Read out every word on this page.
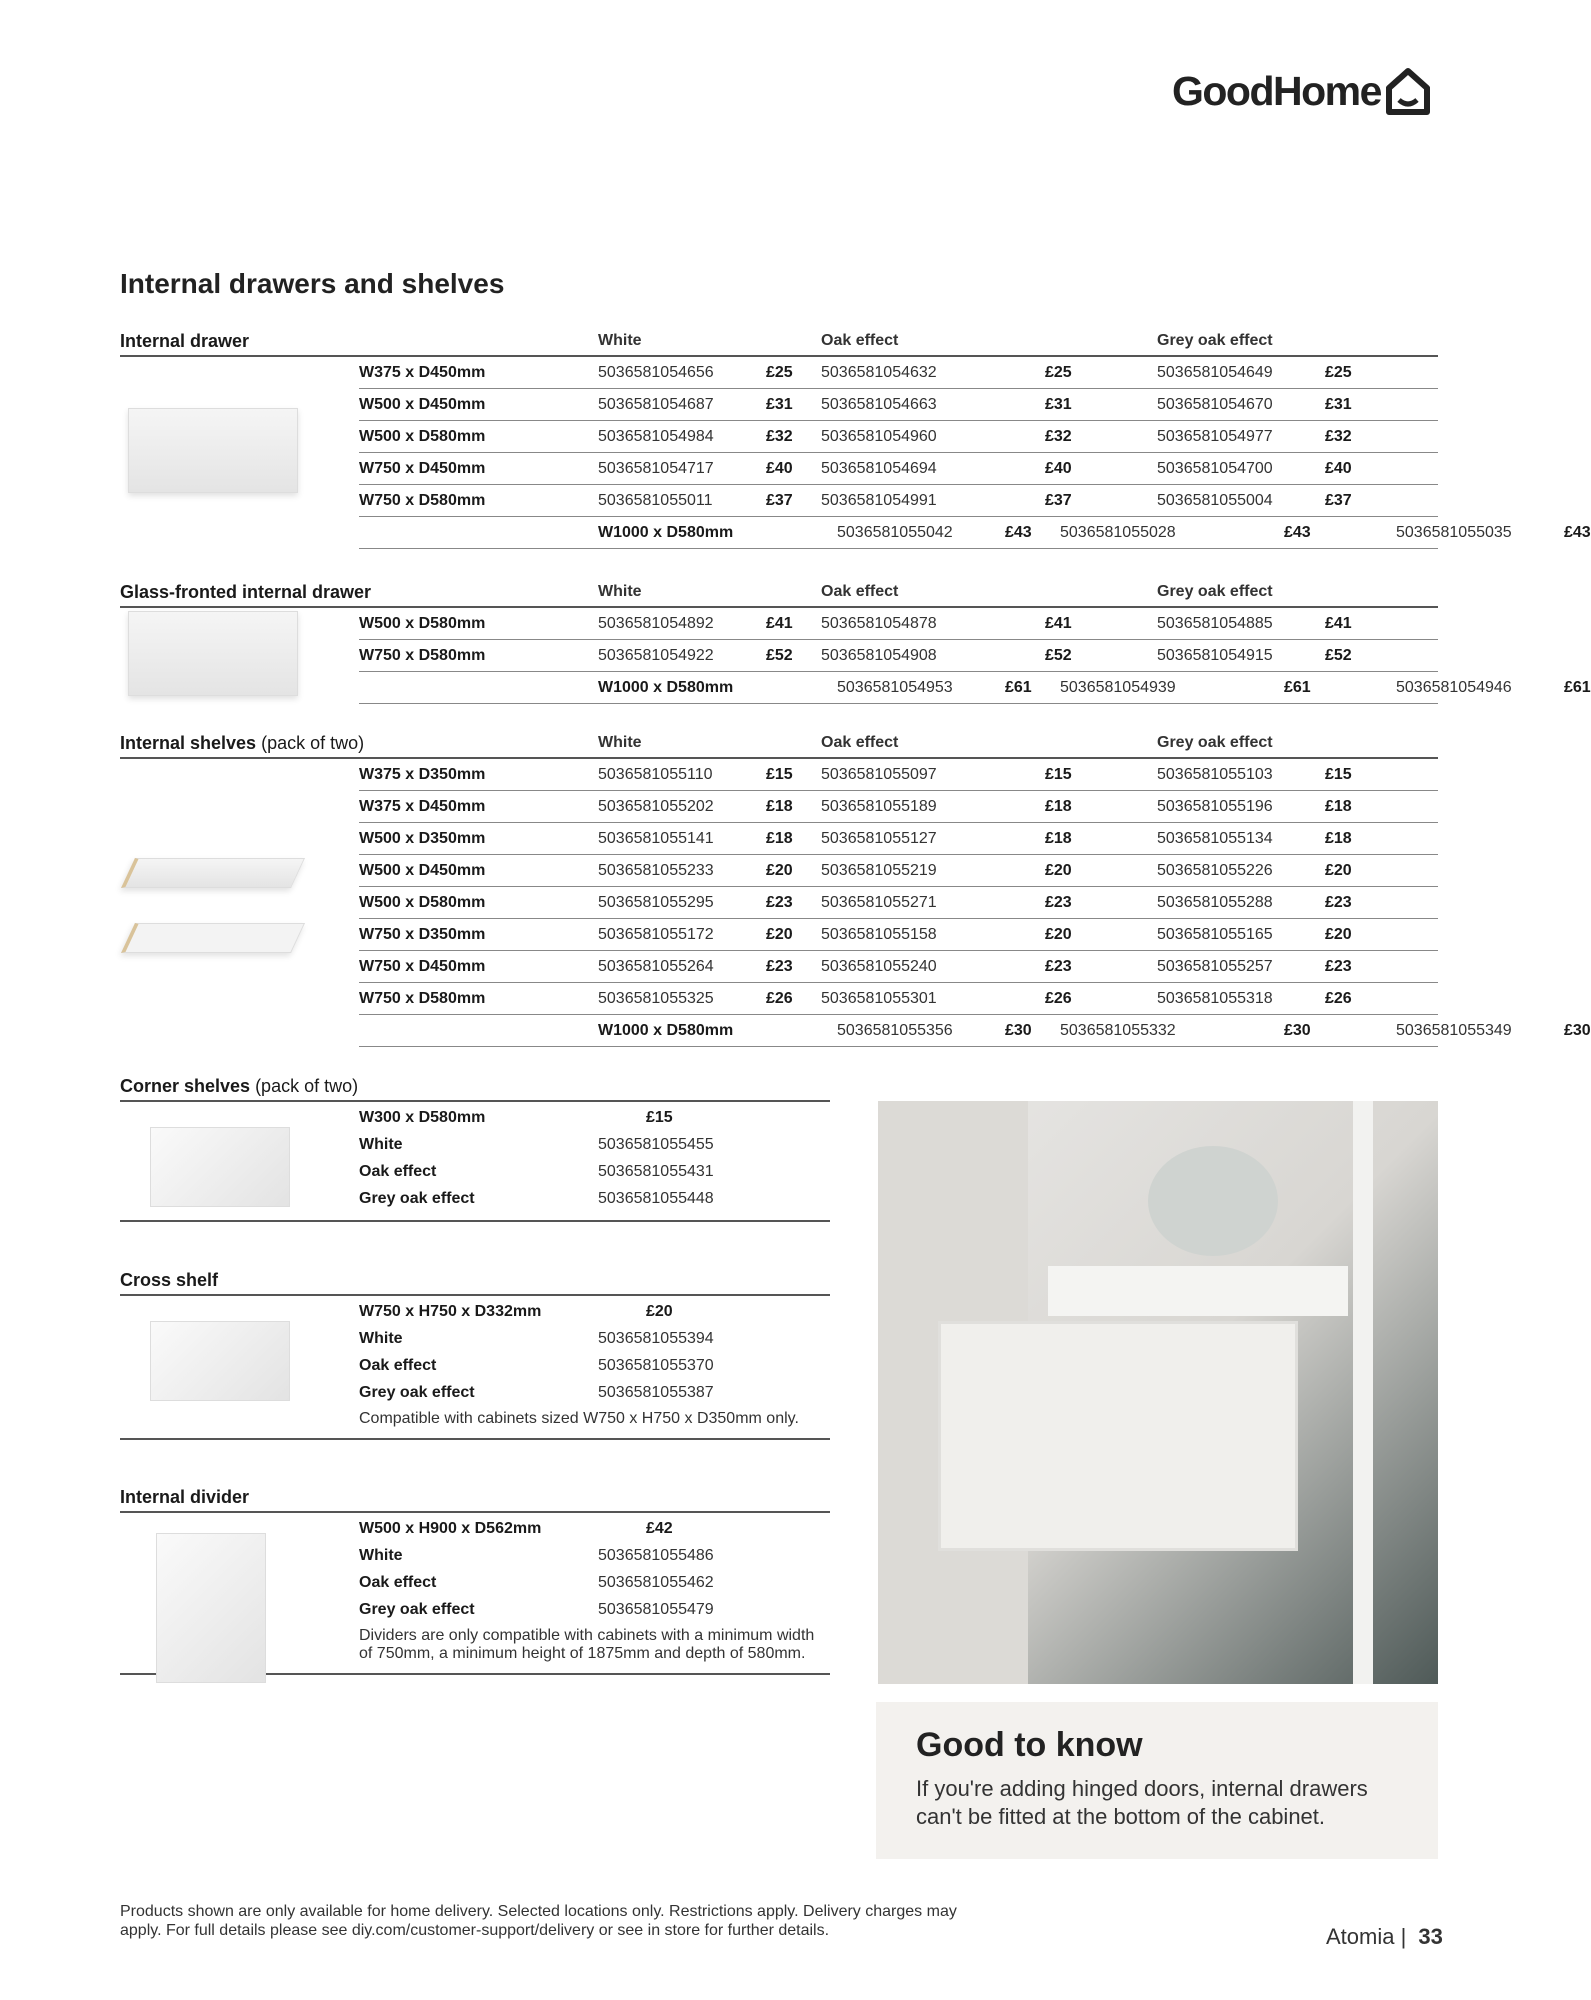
GoodHome
Internal drawers and shelves
Internal drawer	White	Oak effect	Grey oak effect
W375 x D450mm	5036581054656	£25 5036581054632	£25	5036581054649	£25
W500 x D450mm	5036581054687	£31 5036581054663	£31	5036581054670	£31
W500 x D580mm	5036581054984	£32 5036581054960	£32	5036581054977	£32
W750 x D450mm	5036581054717	£40 5036581054694	£40	5036581054700	£40
W750 x D580mm	5036581055011	£37 5036581054991	£37	5036581055004	£37
W1000 x D580mm	5036581055042	£43 5036581055028	£43	5036581055035	£43
Glass-fronted internal drawer	White	Oak effect	Grey oak effect
W500 x D580mm	5036581054892	£41 5036581054878	£41	5036581054885	£41
W750 x D580mm	5036581054922	£52 5036581054908	£52	5036581054915	£52
W1000 x D580mm	5036581054953	£61 5036581054939	£61	5036581054946	£61
Internal shelves (pack of two)	White	Oak effect	Grey oak effect
W375 x D350mm	5036581055110	£15 5036581055097	£15	5036581055103	£15
W375 x D450mm	5036581055202	£18 5036581055189	£18	5036581055196	£18
W500 x D350mm	5036581055141	£18 5036581055127	£18	5036581055134	£18
W500 x D450mm	5036581055233	£20 5036581055219	£20	5036581055226	£20
W500 x D580mm	5036581055295	£23 5036581055271	£23	5036581055288	£23
W750 x D350mm	5036581055172	£20 5036581055158	£20	5036581055165	£20
W750 x D450mm	5036581055264	£23 5036581055240	£23	5036581055257	£23
W750 x D580mm	5036581055325	£26 5036581055301	£26	5036581055318	£26
W1000 x D580mm	5036581055356	£30 5036581055332	£30	5036581055349	£30
Corner shelves (pack of two)
W300 x D580mm	£15
White	5036581055455
Oak effect	5036581055431
Grey oak effect	5036581055448
Cross shelf
W750 x H750 x D332mm	£20
White	5036581055394
Oak effect	5036581055370
Grey oak effect	5036581055387
Compatible with cabinets sized W750 x H750 x D350mm only.
Internal divider
W500 x H900 x D562mm	£42
White	5036581055486
Oak effect	5036581055462
Grey oak effect	5036581055479
Dividers are only compatible with cabinets with a minimum width of 750mm, a minimum height of 1875mm and depth of 580mm.
Good to know

If you're adding hinged doors, internal drawers can't be fitted at the bottom of the cabinet.

Products shown are only available for home delivery. Selected locations only. Restrictions apply. Delivery charges may apply. For full details please see diy.com/customer-support/delivery or see in store for further details.	Atomia | 33
